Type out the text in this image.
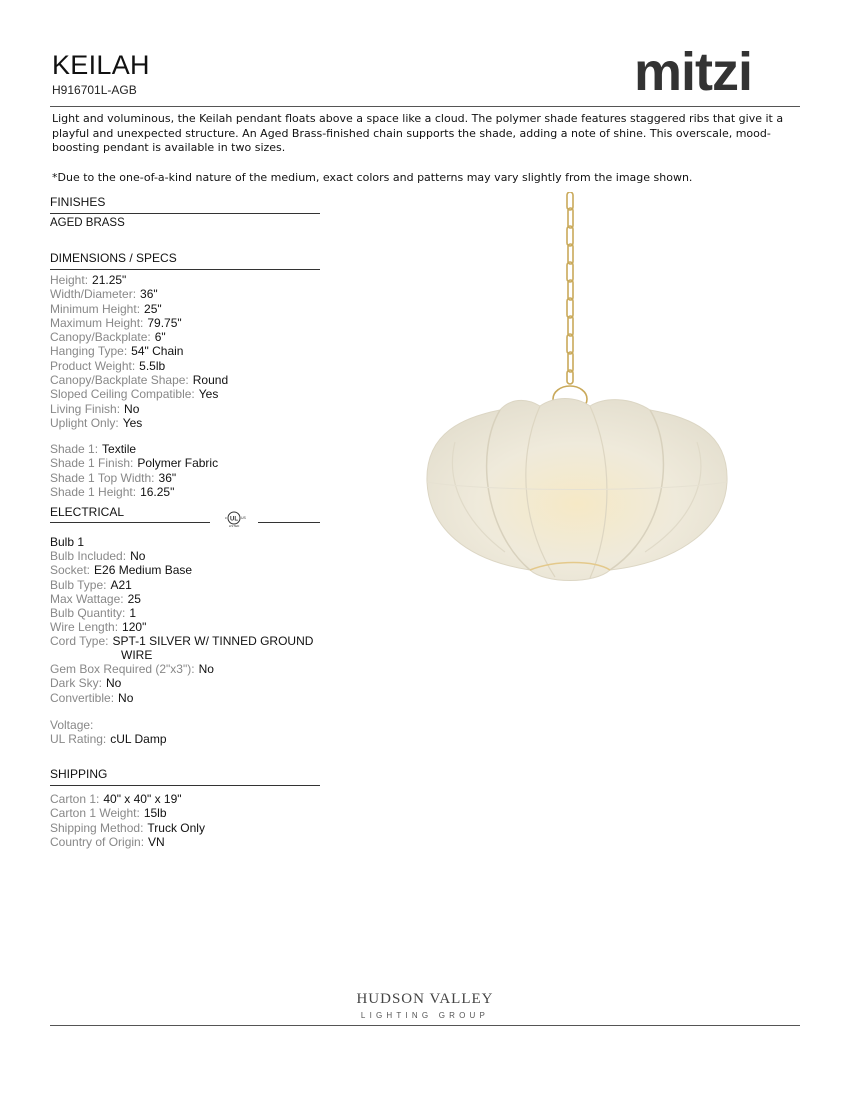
KEILAH
H916701L-AGB	mitzi
Light and voluminous, the Keilah pendant floats above a space like a cloud. The polymer shade features staggered ribs that give it a playful and unexpected structure. An Aged Brass-finished chain supports the shade, adding a note of shine. This overscale, mood-boosting pendant is available in two sizes.
*Due to the one-of-a-kind nature of the medium, exact colors and patterns may vary slightly from the image shown.
FINISHES
AGED BRASS
DIMENSIONS / SPECS
Height: 21.25"
Width/Diameter: 36"
Minimum Height: 25"
Maximum Height: 79.75"
Canopy/Backplate: 6"
Hanging Type: 54" Chain
Product Weight: 5.5lb
Canopy/Backplate Shape: Round
Sloped Ceiling Compatible: Yes
Living Finish: No
Uplight Only: Yes
Shade 1: Textile
Shade 1 Finish: Polymer Fabric
Shade 1 Top Width: 36"
Shade 1 Height: 16.25"
ELECTRICAL
UL
c	US
LISTED
Bulb 1
Bulb Included: No
Socket: E26 Medium Base
Bulb Type: A21
Max Wattage: 25
Bulb Quantity: 1
Wire Length: 120"
Cord Type: SPT-1 SILVER W/ TINNED GROUND
WIRE
Gem Box Required (2"x3"): No
Dark Sky: No
Convertible: No
Voltage:
UL Rating: cUL Damp
SHIPPING
Carton 1: 40" x 40" x 19"
Carton 1 Weight: 15lb
Shipping Method: Truck Only
Country of Origin: VN
HUDSON VALLEY
LIGHTING GROUP
